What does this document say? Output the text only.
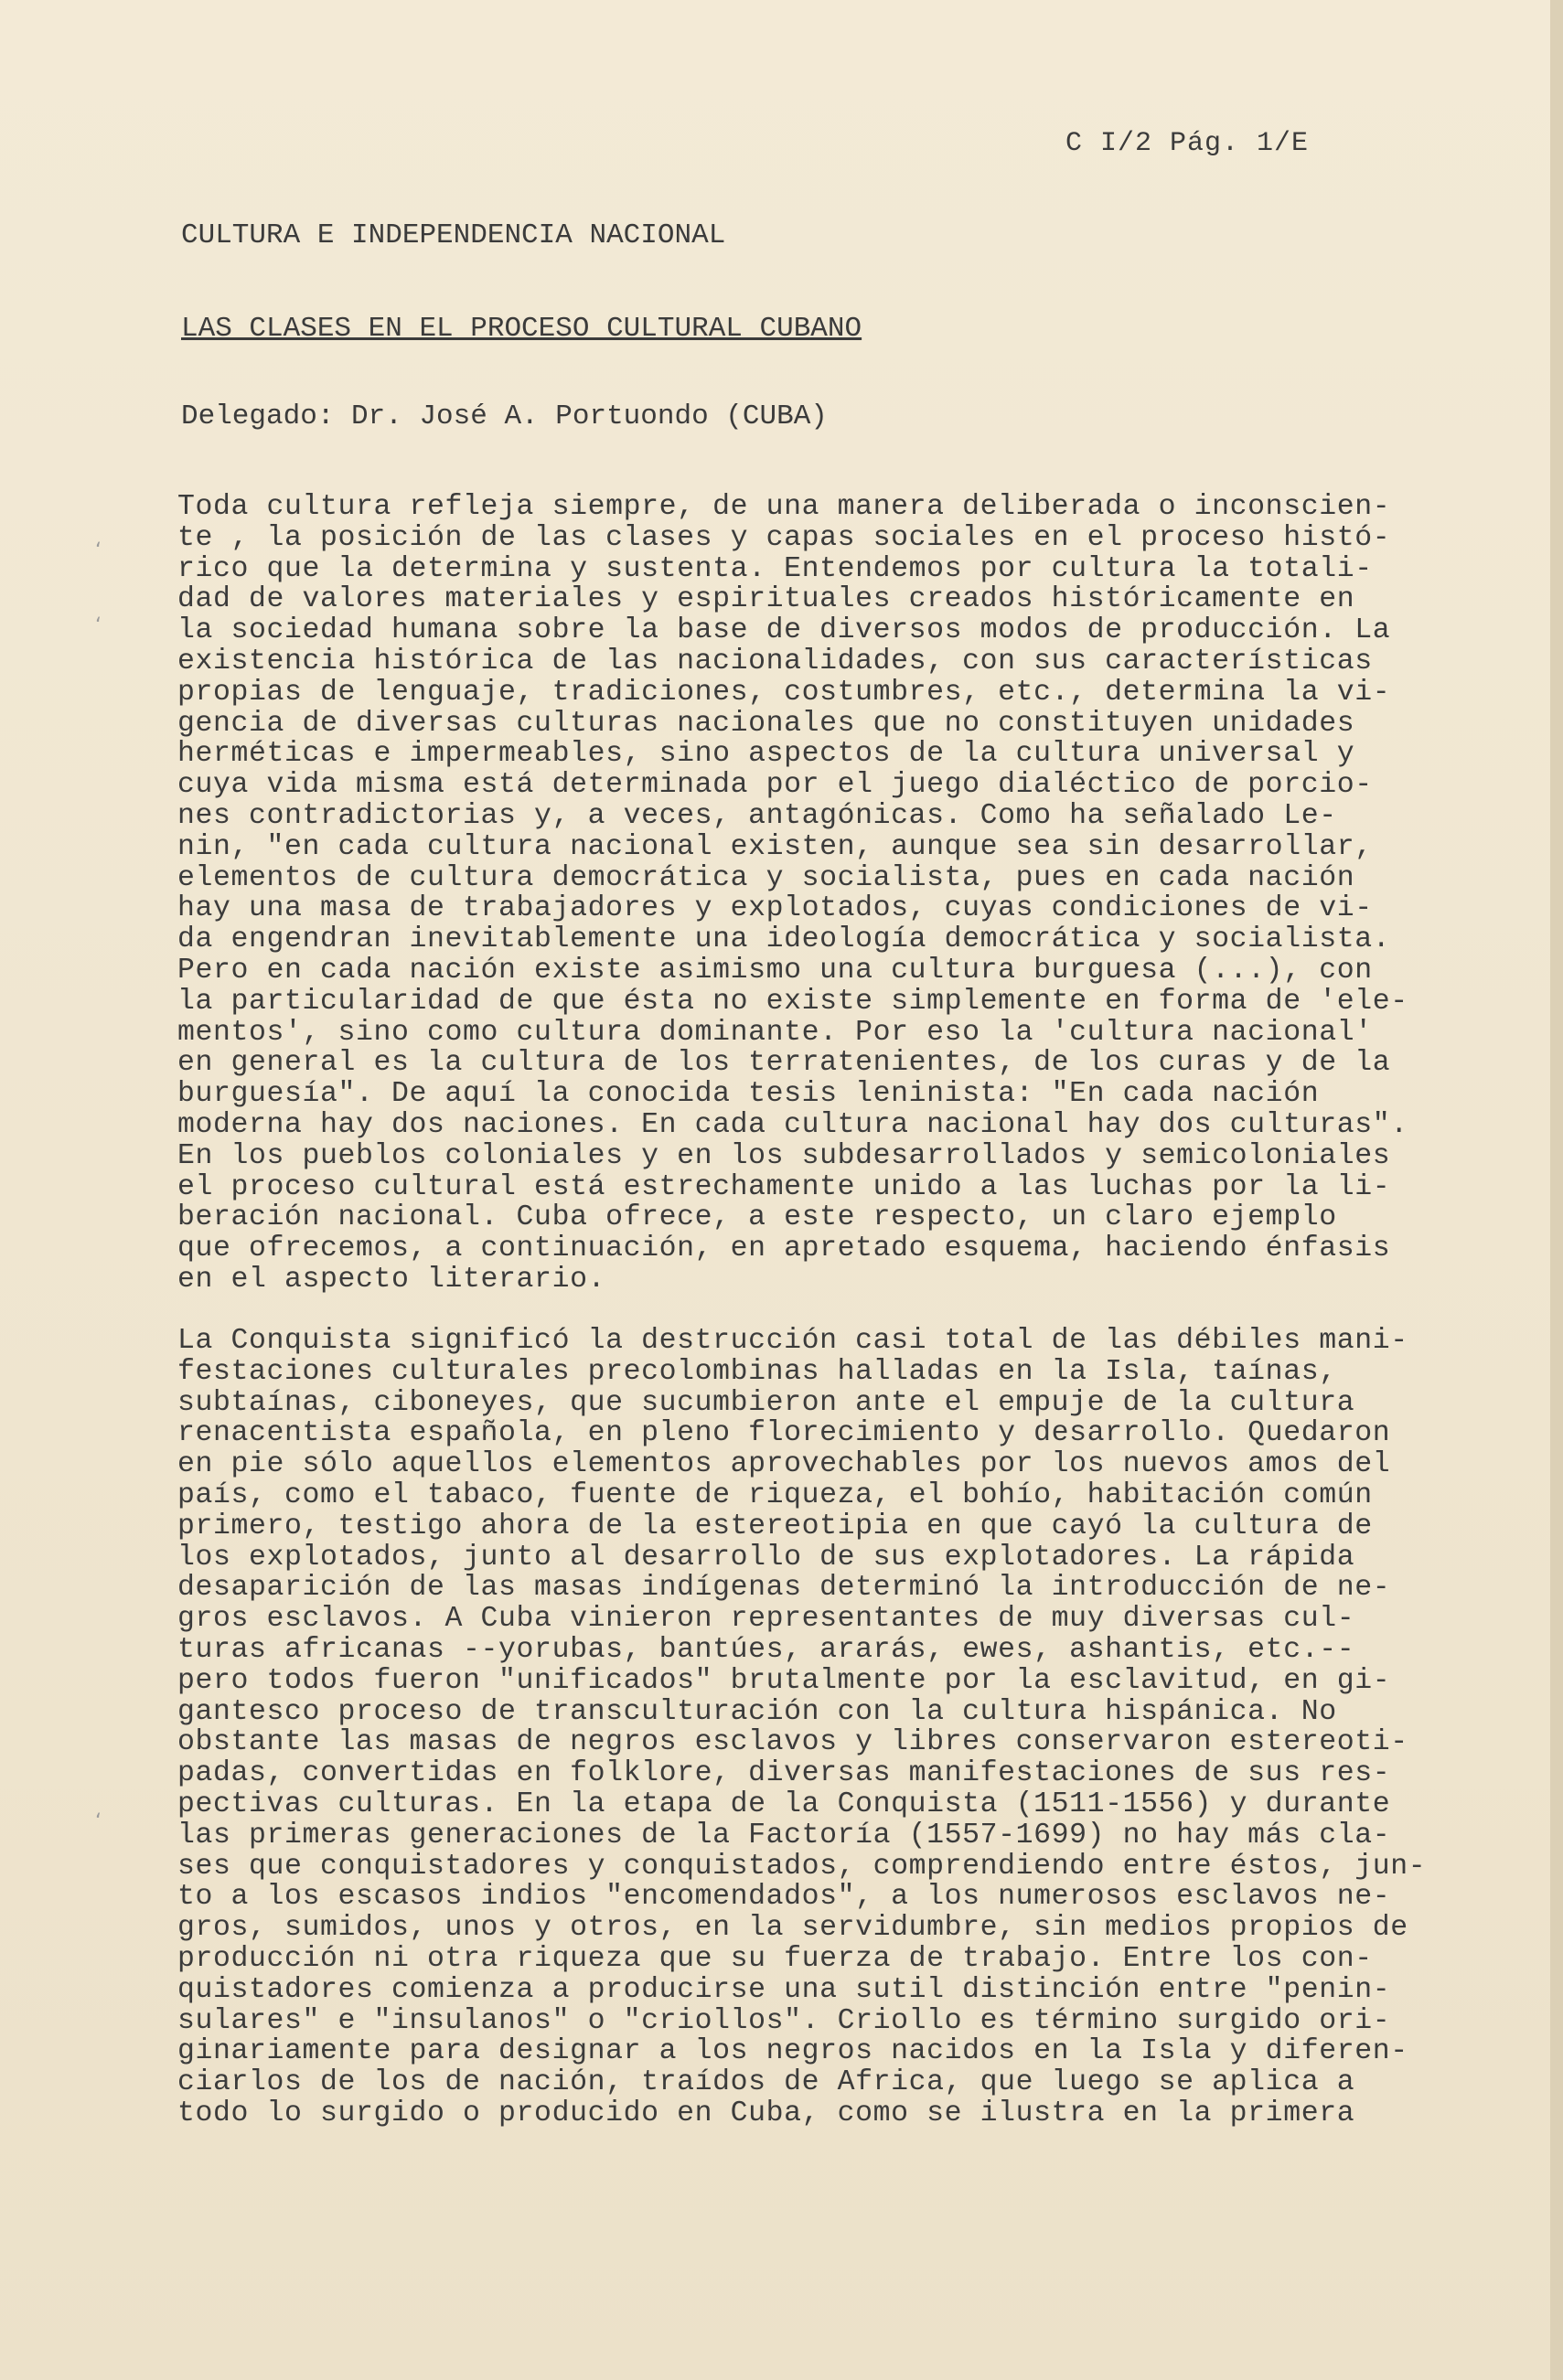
C I/2 Pág. 1/E
CULTURA E INDEPENDENCIA NACIONAL
LAS CLASES EN EL PROCESO CULTURAL CUBANO
Delegado: Dr. José A. Portuondo (CUBA)
‘
‘
‘
Toda cultura refleja siempre, de una manera deliberada o inconscien-
te , la posición de las clases y capas sociales en el proceso histó-
rico que la determina y sustenta. Entendemos por cultura la totali-
dad de valores materiales y espirituales creados históricamente en
la sociedad humana sobre la base de diversos modos de producción. La
existencia histórica de las nacionalidades, con sus características
propias de lenguaje, tradiciones, costumbres, etc., determina la vi-
gencia de diversas culturas nacionales que no constituyen unidades
herméticas e impermeables, sino aspectos de la cultura universal y
cuya vida misma está determinada por el juego dialéctico de porcio-
nes contradictorias y, a veces, antagónicas. Como ha señalado Le-
nin, "en cada cultura nacional existen, aunque sea sin desarrollar,
elementos de cultura democrática y socialista, pues en cada nación
hay una masa de trabajadores y explotados, cuyas condiciones de vi-
da engendran inevitablemente una ideología democrática y socialista.
Pero en cada nación existe asimismo una cultura burguesa (...), con
la particularidad de que ésta no existe simplemente en forma de 'ele-
mentos', sino como cultura dominante. Por eso la 'cultura nacional'
en general es la cultura de los terratenientes, de los curas y de la
burguesía". De aquí la conocida tesis leninista: "En cada nación
moderna hay dos naciones. En cada cultura nacional hay dos culturas".
En los pueblos coloniales y en los subdesarrollados y semicoloniales
el proceso cultural está estrechamente unido a las luchas por la li-
beración nacional. Cuba ofrece, a este respecto, un claro ejemplo
que ofrecemos, a continuación, en apretado esquema, haciendo énfasis
en el aspecto literario.
La Conquista significó la destrucción casi total de las débiles mani-
festaciones culturales precolombinas halladas en la Isla, taínas,
subtaínas, ciboneyes, que sucumbieron ante el empuje de la cultura
renacentista española, en pleno florecimiento y desarrollo. Quedaron
en pie sólo aquellos elementos aprovechables por los nuevos amos del
país, como el tabaco, fuente de riqueza, el bohío, habitación común
primero, testigo ahora de la estereotipia en que cayó la cultura de
los explotados, junto al desarrollo de sus explotadores. La rápida
desaparición de las masas indígenas determinó la introducción de ne-
gros esclavos. A Cuba vinieron representantes de muy diversas cul-
turas africanas --yorubas, bantúes, ararás, ewes, ashantis, etc.--
pero todos fueron "unificados" brutalmente por la esclavitud, en gi-
gantesco proceso de transculturación con la cultura hispánica. No
obstante las masas de negros esclavos y libres conservaron estereoti-
padas, convertidas en folklore, diversas manifestaciones de sus res-
pectivas culturas. En la etapa de la Conquista (1511-1556) y durante
las primeras generaciones de la Factoría (1557-1699) no hay más cla-
ses que conquistadores y conquistados, comprendiendo entre éstos, jun-
to a los escasos indios "encomendados", a los numerosos esclavos ne-
gros, sumidos, unos y otros, en la servidumbre, sin medios propios de
producción ni otra riqueza que su fuerza de trabajo. Entre los con-
quistadores comienza a producirse una sutil distinción entre "penin-
sulares" e "insulanos" o "criollos". Criollo es término surgido ori-
ginariamente para designar a los negros nacidos en la Isla y diferen-
ciarlos de los de nación, traídos de Africa, que luego se aplica a
todo lo surgido o producido en Cuba, como se ilustra en la primera
